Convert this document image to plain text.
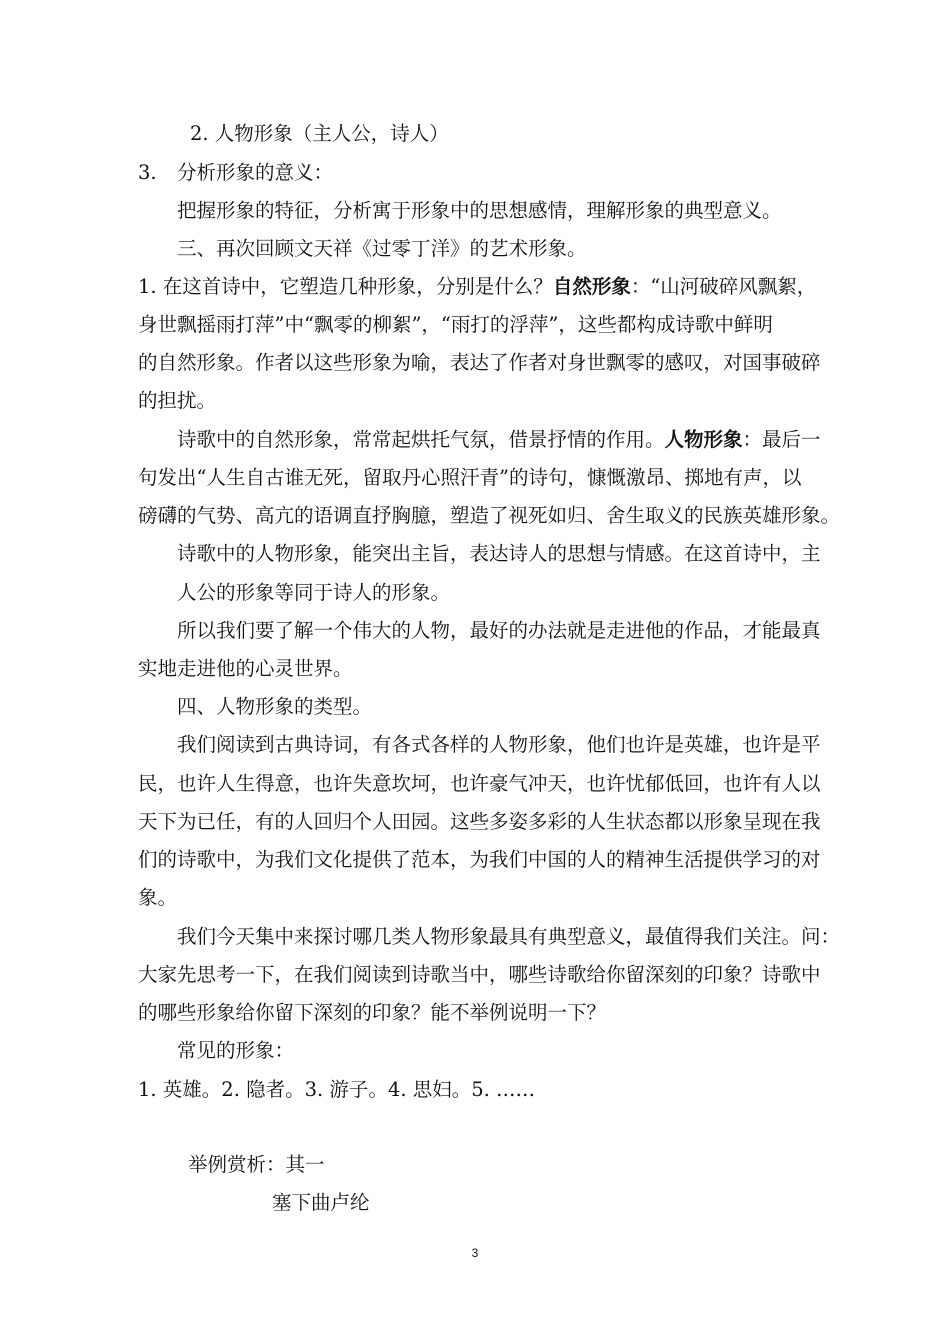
2. 人物形象（主人公，诗人）
3. 分析形象的意义：
把握形象的特征，分析寓于形象中的思想感情，理解形象的典型意义。
三、再次回顾文天祥《过零丁洋》的艺术形象。
1. 在这首诗中，它塑造几种形象，分别是什么？自然形象：“山河破碎风飘絮，
身世飘摇雨打萍”中“飘零的柳絮”，“雨打的浮萍”，这些都构成诗歌中鲜明
的自然形象。作者以这些形象为喻，表达了作者对身世飘零的感叹，对国事破碎
的担扰。
诗歌中的自然形象，常常起烘托气氛，借景抒情的作用。人物形象：最后一
句发出“人生自古谁无死，留取丹心照汗青”的诗句，慷慨激昂、掷地有声，以
磅礴的气势、高亢的语调直抒胸臆，塑造了视死如归、舍生取义的民族英雄形象。
诗歌中的人物形象，能突出主旨，表达诗人的思想与情感。在这首诗中，主
人公的形象等同于诗人的形象。
所以我们要了解一个伟大的人物，最好的办法就是走进他的作品，才能最真
实地走进他的心灵世界。
四、人物形象的类型。
我们阅读到古典诗词，有各式各样的人物形象，他们也许是英雄，也许是平
民，也许人生得意，也许失意坎坷，也许豪气冲天，也许忧郁低回，也许有人以
天下为已任，有的人回归个人田园。这些多姿多彩的人生状态都以形象呈现在我
们的诗歌中，为我们文化提供了范本，为我们中国的人的精神生活提供学习的对
象。
我们今天集中来探讨哪几类人物形象最具有典型意义，最值得我们关注。问：
大家先思考一下，在我们阅读到诗歌当中，哪些诗歌给你留深刻的印象？诗歌中
的哪些形象给你留下深刻的印象？能不举例说明一下？
常见的形象：
1. 英雄。2. 隐者。3. 游子。4. 思妇。5. ……
举例赏析：其一
塞下曲卢纶
3
